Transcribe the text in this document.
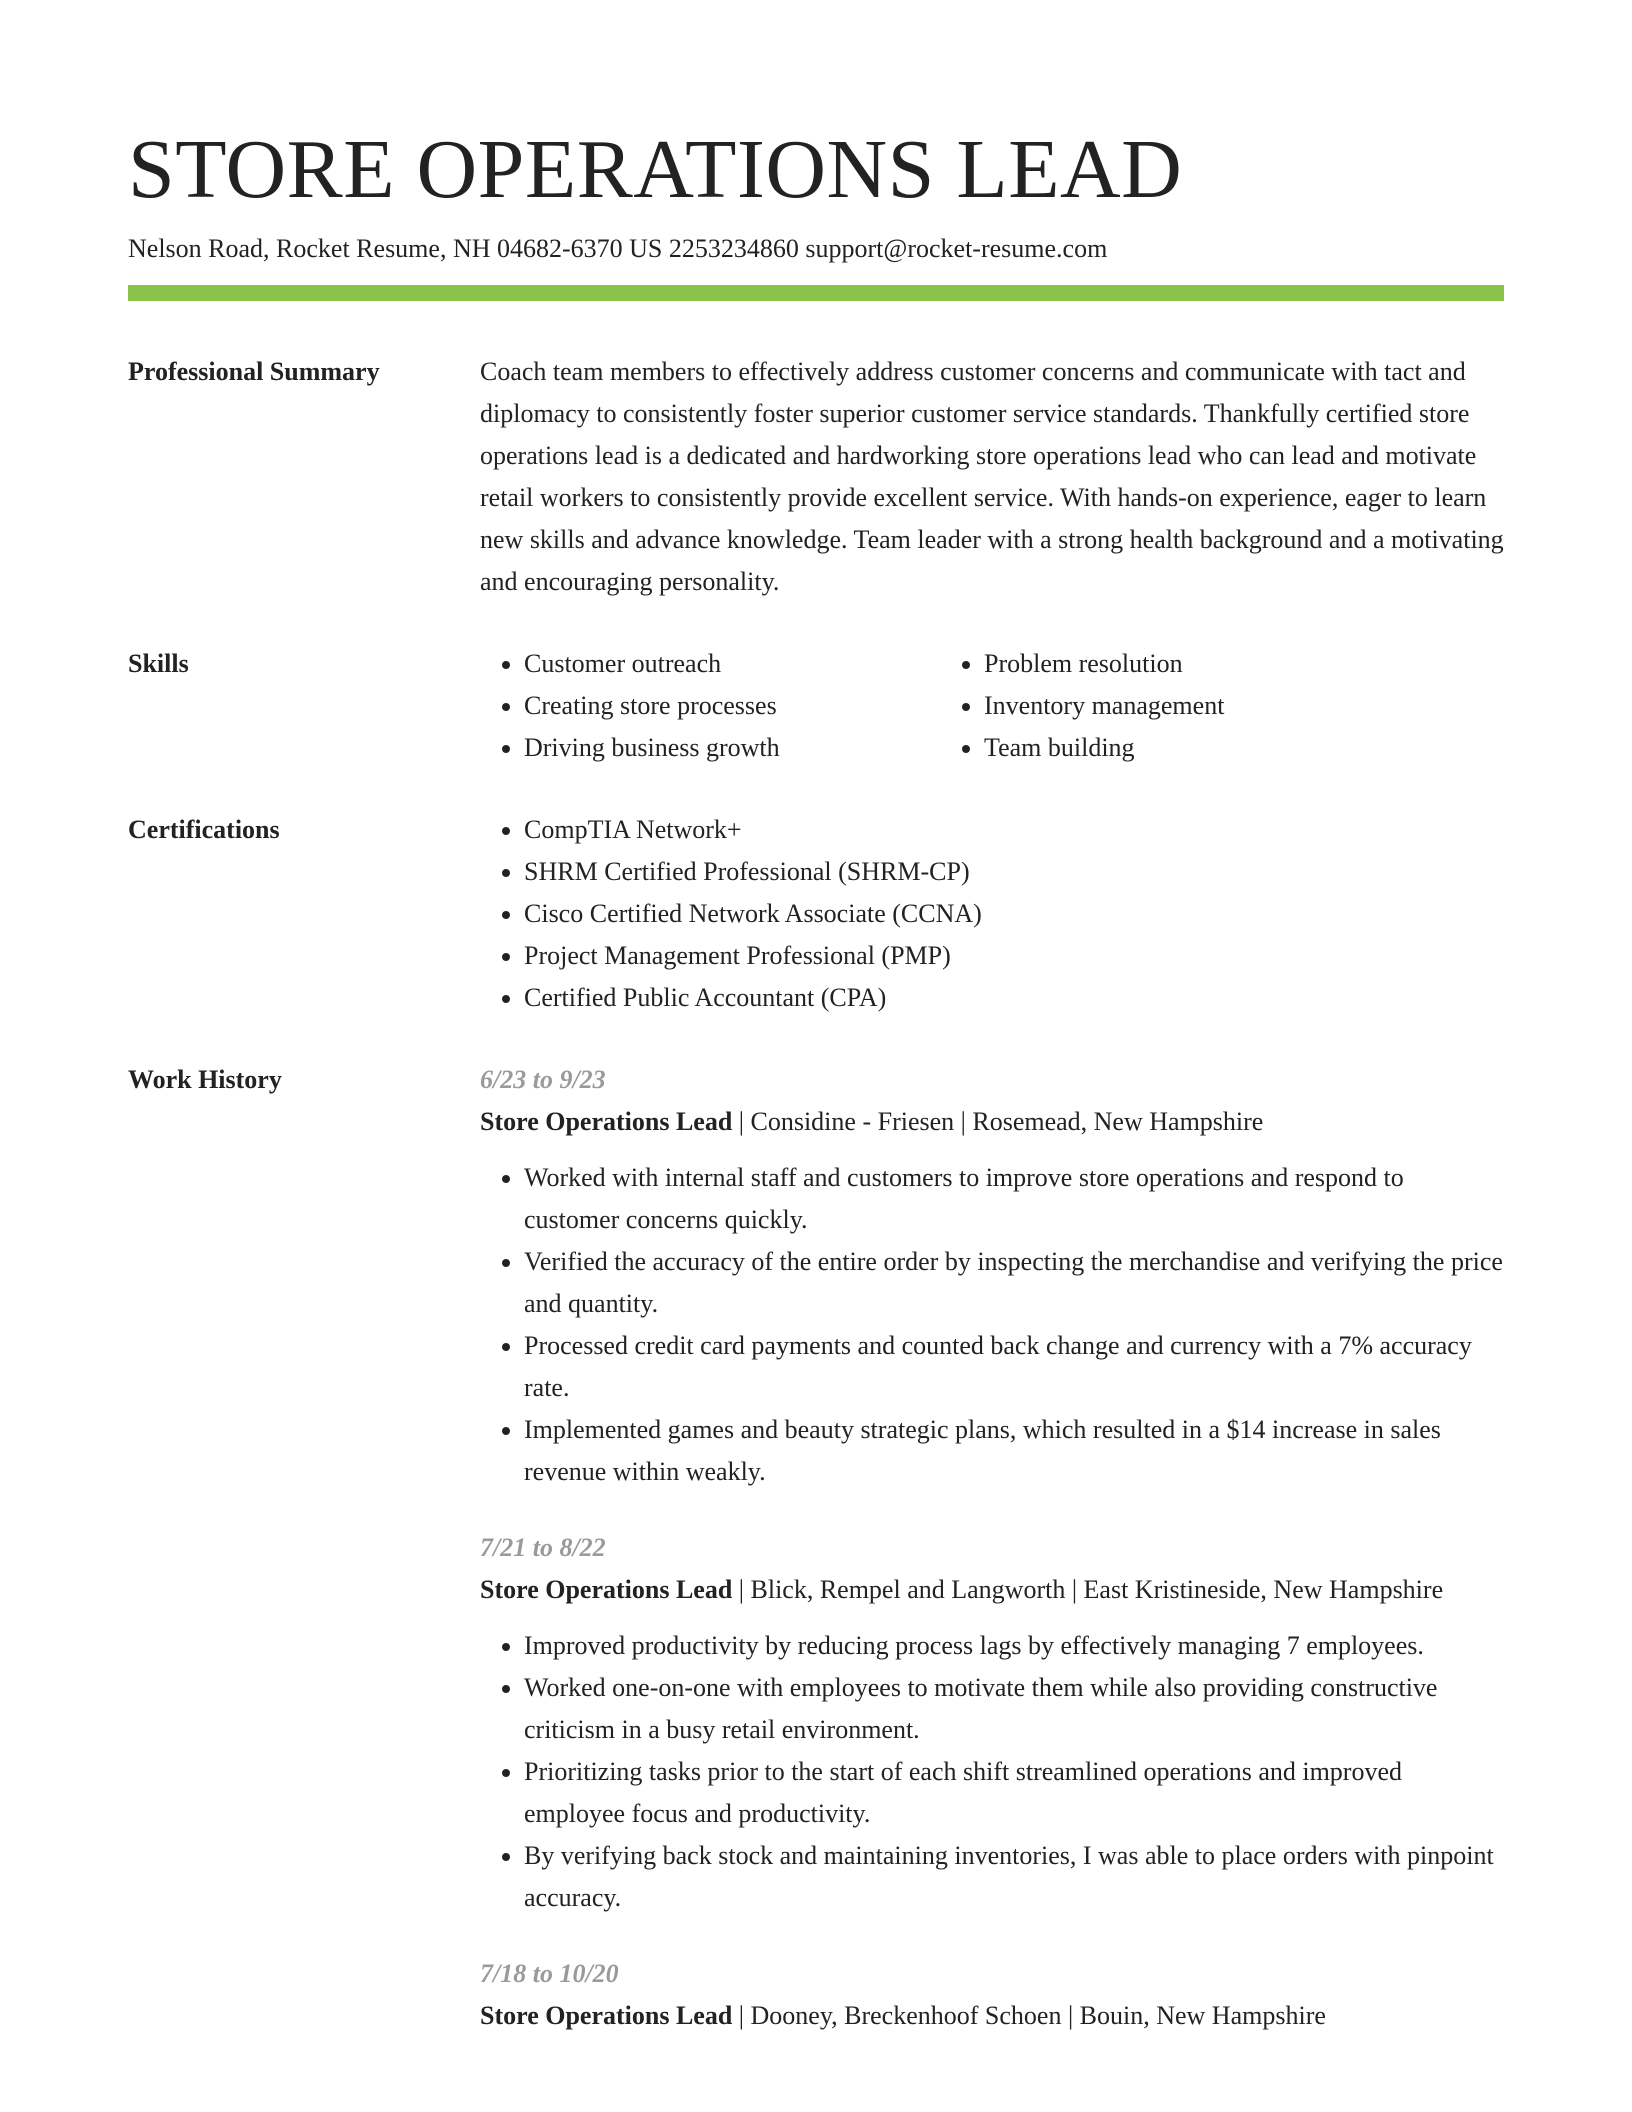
STORE OPERATIONS LEAD
Nelson Road, Rocket Resume, NH 04682-6370 US 2253234860 support@rocket-resume.com
Professional Summary	Coach team members to effectively address customer concerns and communicate with tact and diplomacy to consistently foster superior customer service standards. Thankfully certified store operations lead is a dedicated and hardworking store operations lead who can lead and motivate retail workers to consistently provide excellent service. With hands-on experience, eager to learn new skills and advance knowledge. Team leader with a strong health background and a motivating and encouraging personality.

Skills	• Customer outreach
• Creating store processes
• Driving business growth
• Problem resolution
• Inventory management
• Team building
Certifications	• CompTIA Network+
• SHRM Certified Professional (SHRM-CP)
• Cisco Certified Network Associate (CCNA)
• Project Management Professional (PMP)
• Certified Public Accountant (CPA)
Work History	6/23 to 9/23
Store Operations Lead | Considine - Friesen | Rosemead, New Hampshire
• Worked with internal staff and customers to improve store operations and respond to customer concerns quickly.
• Verified the accuracy of the entire order by inspecting the merchandise and verifying the price and quantity.
• Processed credit card payments and counted back change and currency with a 7% accuracy rate.
• Implemented games and beauty strategic plans, which resulted in a $14 increase in sales revenue within weakly.
7/21 to 8/22
Store Operations Lead | Blick, Rempel and Langworth | East Kristineside, New Hampshire
• Improved productivity by reducing process lags by effectively managing 7 employees.
• Worked one-on-one with employees to motivate them while also providing constructive criticism in a busy retail environment.
• Prioritizing tasks prior to the start of each shift streamlined operations and improved employee focus and productivity.
• By verifying back stock and maintaining inventories, I was able to place orders with pinpoint accuracy.
7/18 to 10/20
Store Operations Lead | Dooney, Breckenhoof Schoen | Bouin, New Hampshire
